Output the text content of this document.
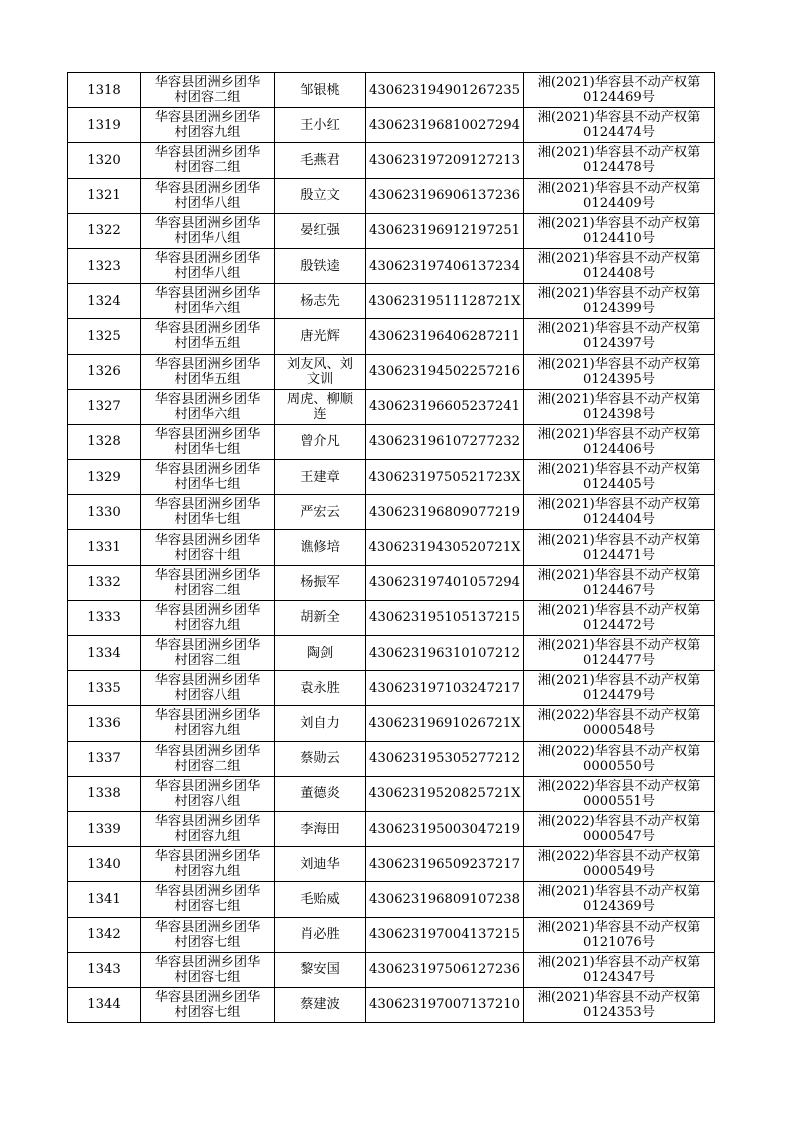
1318	华容县团洲乡团华
村团容二组	邹银桃	430623194901267235	湘(2021)华容县不动产权第
0124469号

1319	华容县团洲乡团华
村团容九组	王小红	430623196810027294	湘(2021)华容县不动产权第
0124474号

1320	华容县团洲乡团华
村团容二组	毛燕君	430623197209127213	湘(2021)华容县不动产权第
0124478号

1321	华容县团洲乡团华
村团华八组	殷立文	430623196906137236	湘(2021)华容县不动产权第
0124409号

1322	华容县团洲乡团华
村团华八组	晏红强	430623196912197251	湘(2021)华容县不动产权第
0124410号

1323	华容县团洲乡团华
村团华八组	殷铁逵	430623197406137234	湘(2021)华容县不动产权第
0124408号

1324	华容县团洲乡团华
村团华六组	杨志先	43062319511128721X	湘(2021)华容县不动产权第
0124399号

1325	华容县团洲乡团华
村团华五组	唐光辉	430623196406287211	湘(2021)华容县不动产权第
0124397号

1326	华容县团洲乡团华
村团华五组	刘友风、刘
文训	430623194502257216	湘(2021)华容县不动产权第
0124395号

1327	华容县团洲乡团华
村团华六组	周虎、柳顺
连	430623196605237241	湘(2021)华容县不动产权第
0124398号

1328	华容县团洲乡团华
村团华七组	曾介凡	430623196107277232	湘(2021)华容县不动产权第
0124406号

1329	华容县团洲乡团华
村团华七组	王建章	43062319750521723X	湘(2021)华容县不动产权第
0124405号

1330	华容县团洲乡团华
村团华七组	严宏云	430623196809077219	湘(2021)华容县不动产权第
0124404号

1331	华容县团洲乡团华
村团容十组	谯修培	43062319430520721X	湘(2021)华容县不动产权第
0124471号

1332	华容县团洲乡团华
村团容二组	杨振军	430623197401057294	湘(2021)华容县不动产权第
0124467号

1333	华容县团洲乡团华
村团容九组	胡新全	430623195105137215	湘(2021)华容县不动产权第
0124472号

1334	华容县团洲乡团华
村团容二组	陶剑	430623196310107212	湘(2021)华容县不动产权第
0124477号

1335	华容县团洲乡团华
村团容八组	袁永胜	430623197103247217	湘(2021)华容县不动产权第
0124479号

1336	华容县团洲乡团华
村团容九组	刘自力	43062319691026721X	湘(2022)华容县不动产权第
0000548号

1337	华容县团洲乡团华
村团容二组	蔡勋云	430623195305277212	湘(2022)华容县不动产权第
0000550号

1338	华容县团洲乡团华
村团容八组	董德炎	43062319520825721X	湘(2022)华容县不动产权第
0000551号

1339	华容县团洲乡团华
村团容九组	李海田	430623195003047219	湘(2022)华容县不动产权第
0000547号

1340	华容县团洲乡团华
村团容九组	刘迪华	430623196509237217	湘(2022)华容县不动产权第
0000549号

1341	华容县团洲乡团华
村团容七组	毛贻威	430623196809107238	湘(2021)华容县不动产权第
0124369号

1342	华容县团洲乡团华
村团容七组	肖必胜	430623197004137215	湘(2021)华容县不动产权第
0121076号

1343	华容县团洲乡团华
村团容七组	黎安国	430623197506127236	湘(2021)华容县不动产权第
0124347号

1344	华容县团洲乡团华
村团容七组	蔡建波	430623197007137210	湘(2021)华容县不动产权第
0124353号
